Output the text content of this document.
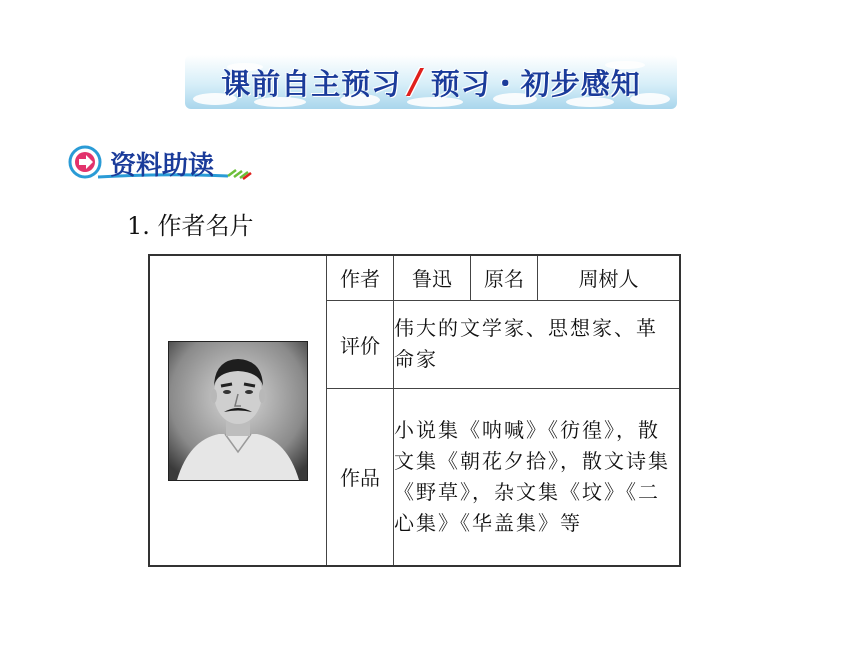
课前自主预习 / 预习・初步感知
资料助读
1. 作者名片
	作者	鲁迅	原名	周树人
	评价	伟大的文学家、思想家、革命家		
	作品	小说集《呐喊》《彷徨》，散文集《朝花夕拾》，散文诗集《野草》，杂文集《坟》《二心集》《华盖集》等		
